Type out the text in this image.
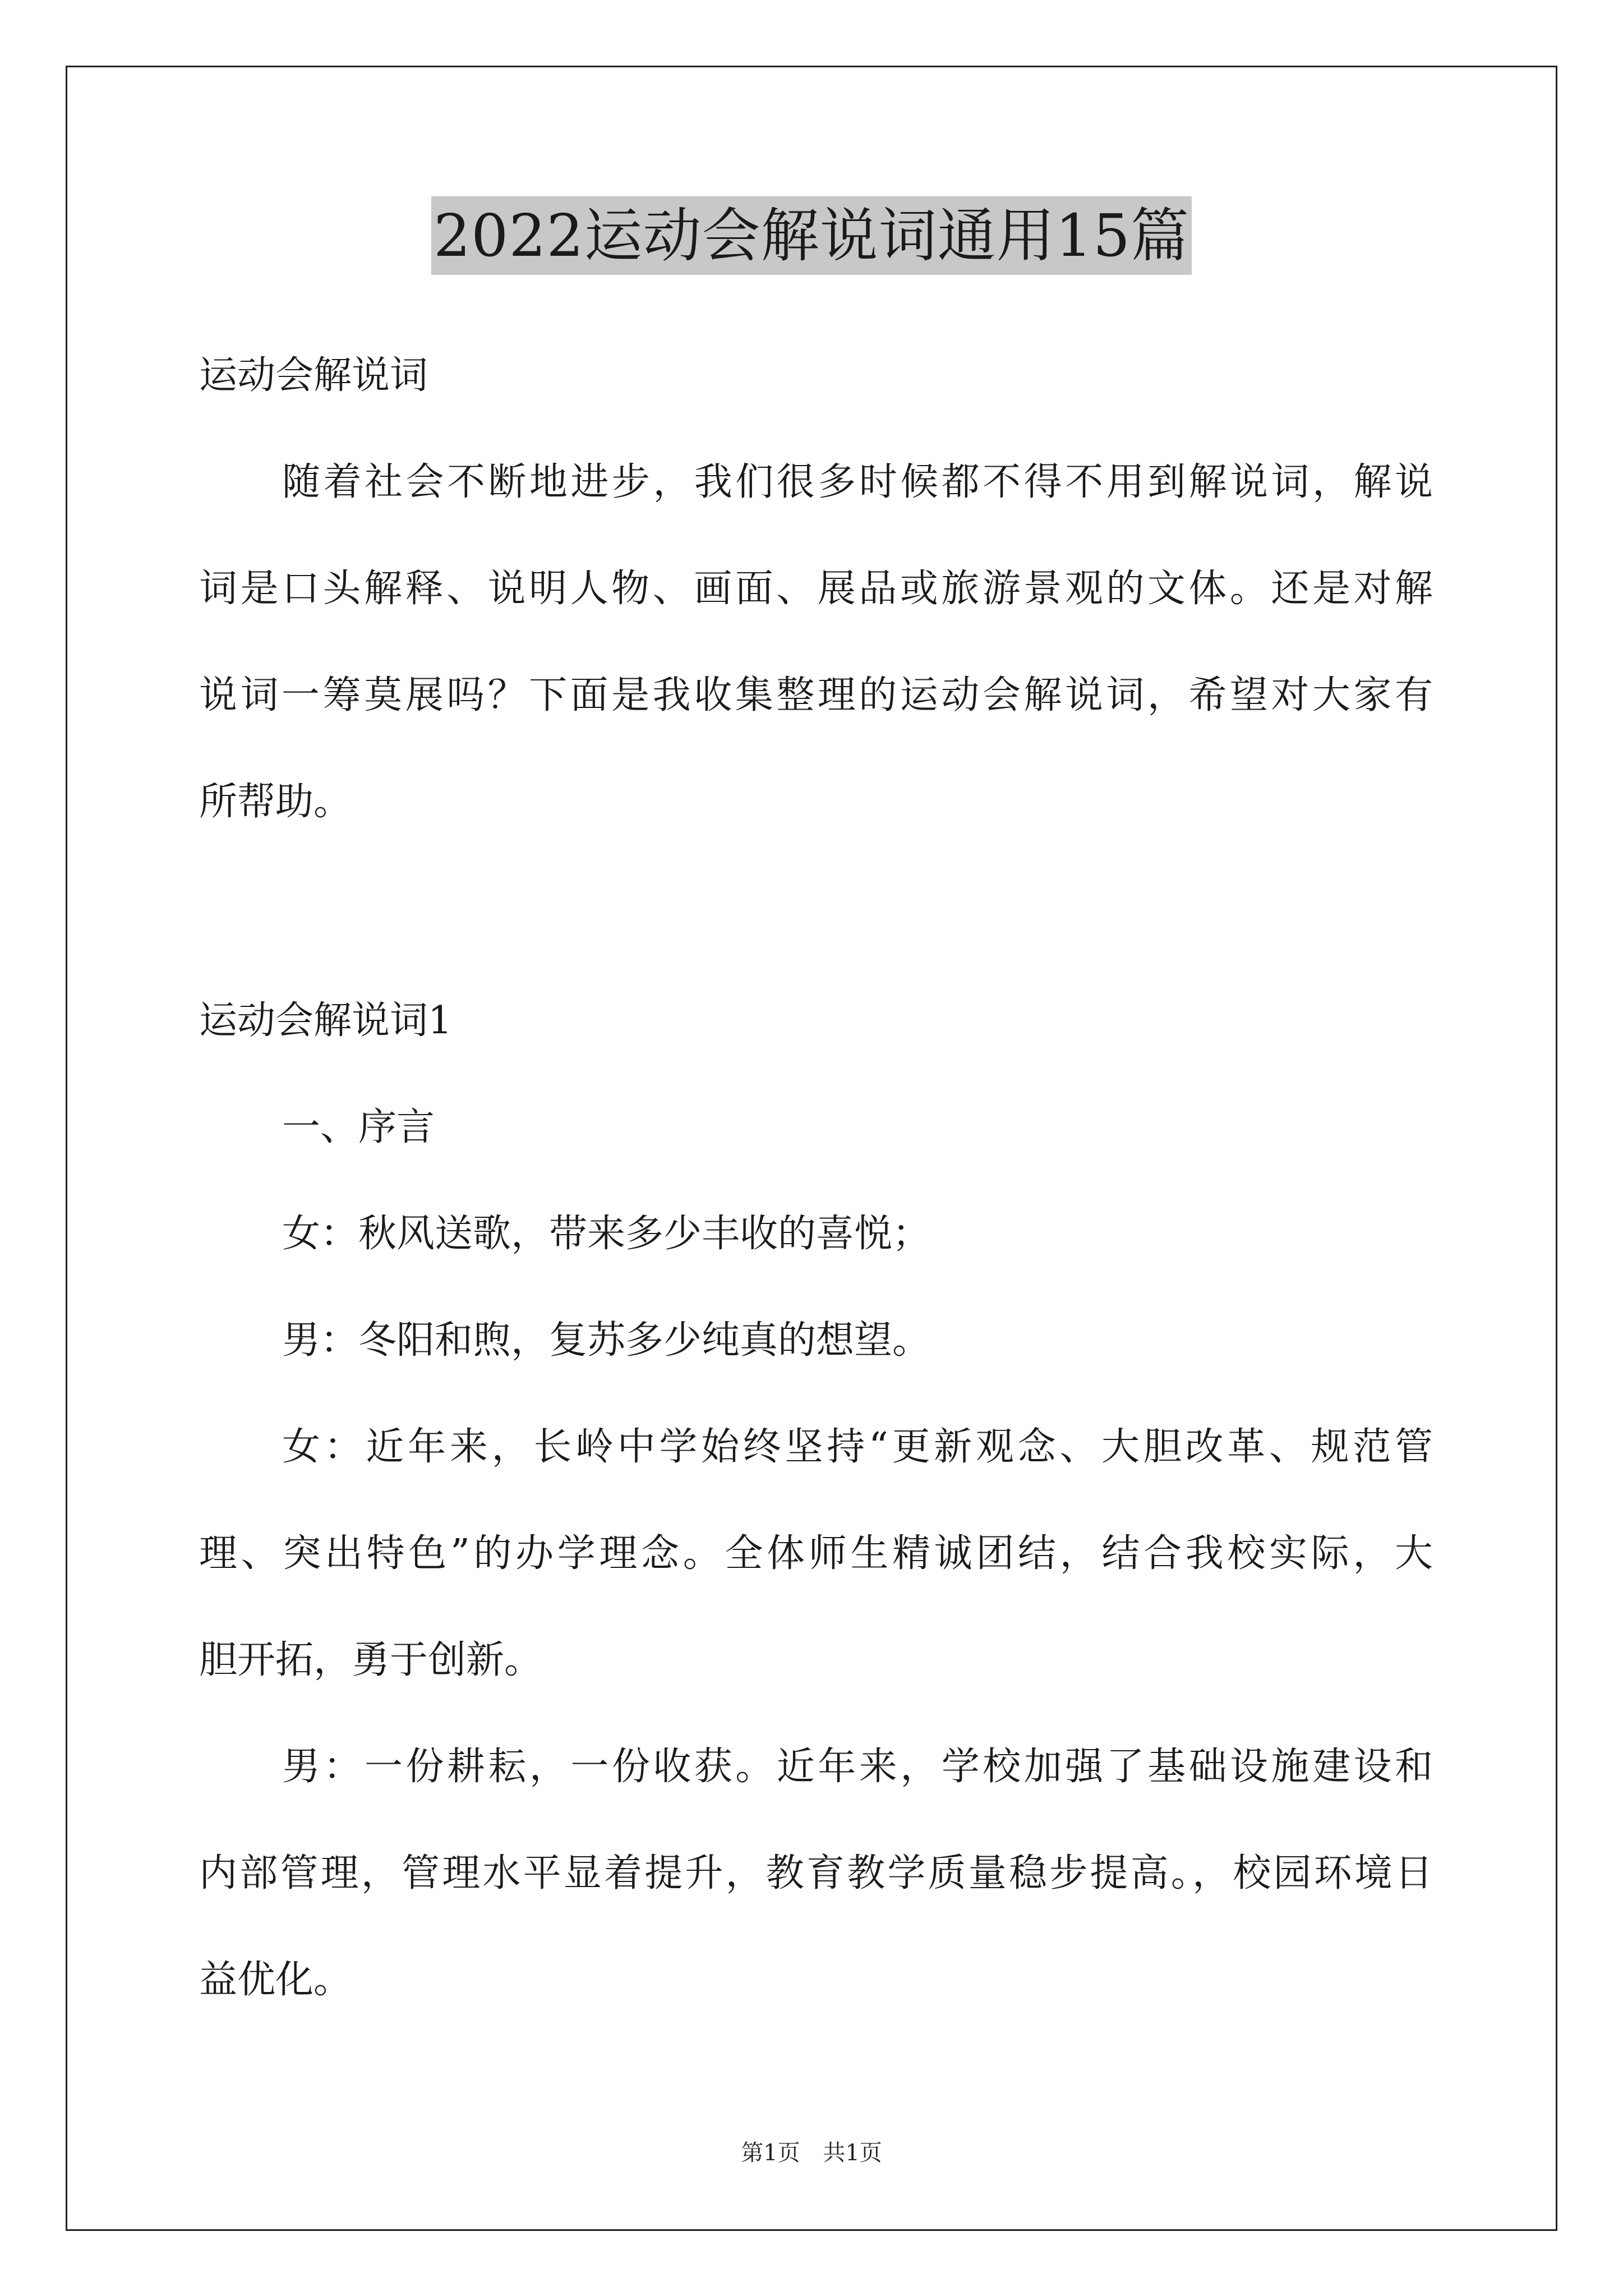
2022运动会解说词通用15篇
运动会解说词
随着社会不断地进步，我们很多时候都不得不用到解说词，解说
词是口头解释、说明人物、画面、展品或旅游景观的文体。还是对解
说词一筹莫展吗？下面是我收集整理的运动会解说词，希望对大家有
所帮助。
运动会解说词1
一、序言
女：秋风送歌，带来多少丰收的喜悦；
男：冬阳和煦，复苏多少纯真的想望。
女：近年来，长岭中学始终坚持“更新观念、大胆改革、规范管
理、突出特色”的办学理念。全体师生精诚团结，结合我校实际，大
胆开拓，勇于创新。
男：一份耕耘，一份收获。近年来，学校加强了基础设施建设和
内部管理，管理水平显着提升，教育教学质量稳步提高。，校园环境日
益优化。
第1页 共1页
